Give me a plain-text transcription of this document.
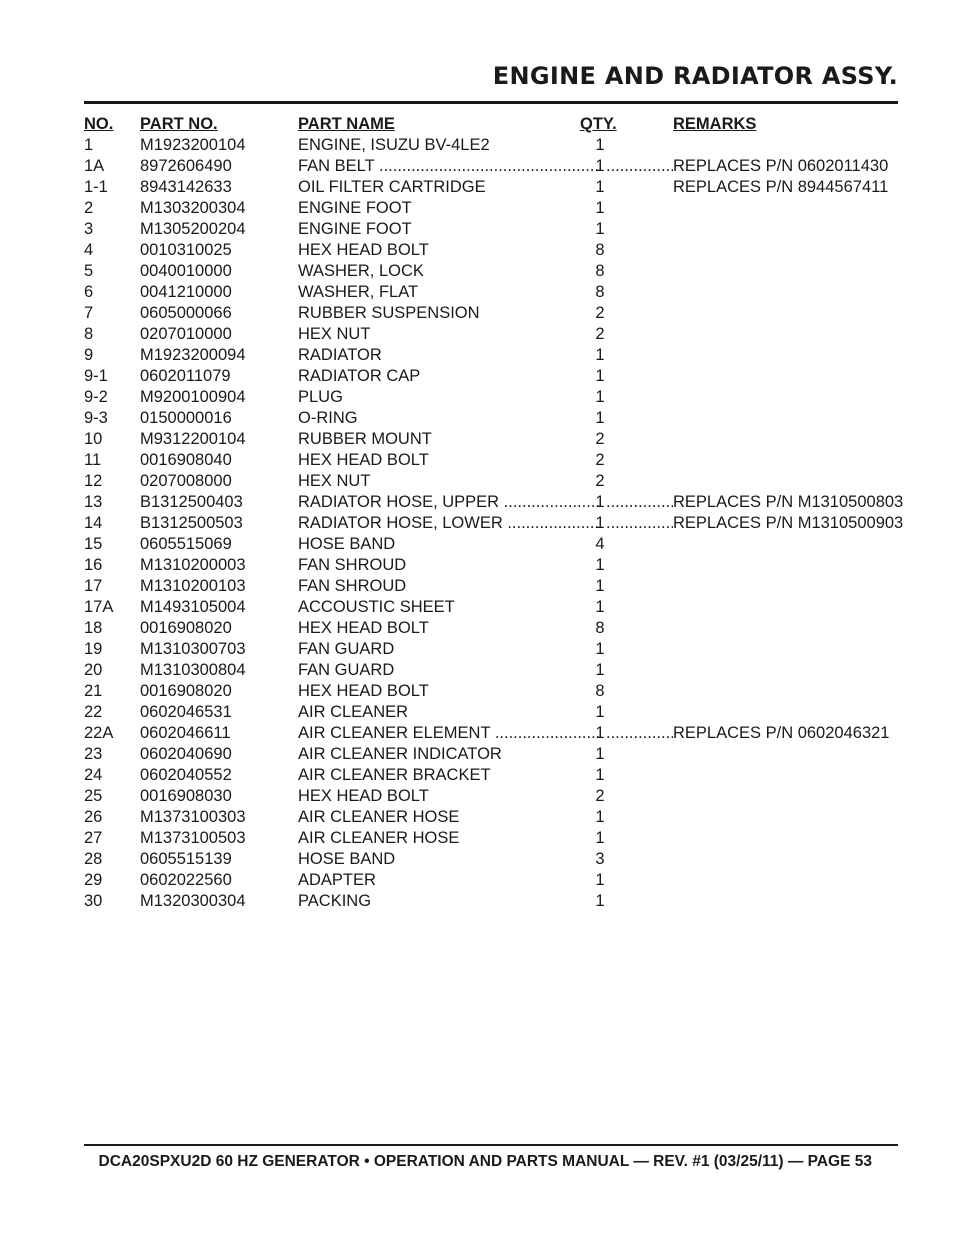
ENGINE AND RADIATOR ASSY.
NO. PART NO.	PART NAME	QTY.	REMARKS
1	M1923200104	ENGINE, ISUZU BV-4LE2	1
1A 8972606490	FAN BELT .....	1 .....	REPLACES P/N 0602011430
1-1 8943142633	OIL FILTER CARTRIDGE	1	REPLACES P/N 8944567411
2	M1303200304	ENGINE FOOT	1
3	M1305200204	ENGINE FOOT	1
4	0010310025	HEX HEAD BOLT	8
5	0040010000	WASHER, LOCK	8
6	0041210000	WASHER, FLAT	8
7	0605000066	RUBBER SUSPENSION	2
8	0207010000	HEX NUT	2
9	M1923200094	RADIATOR	1
9-1 0602011079	RADIATOR CAP	1
9-2 M9200100904	PLUG	1
9-3 0150000016	O-RING	1
10 M9312200104	RUBBER MOUNT	2
11 0016908040	HEX HEAD BOLT	2
12 0207008000	HEX NUT	2
13 B1312500403	RADIATOR HOSE, UPPER .....	1 .....	REPLACES P/N M1310500803
14 B1312500503	RADIATOR HOSE, LOWER .....	1 .....	REPLACES P/N M1310500903
15 0605515069	HOSE BAND	4
16 M1310200003	FAN SHROUD	1
17 M1310200103	FAN SHROUD	1
17A M1493105004	ACCOUSTIC SHEET	1
18 0016908020	HEX HEAD BOLT	8
19 M1310300703	FAN GUARD	1
20 M1310300804	FAN GUARD	1
21 0016908020	HEX HEAD BOLT	8
22 0602046531	AIR CLEANER	1
22A 0602046611	AIR CLEANER ELEMENT .....	1 .....	REPLACES P/N 0602046321
23 0602040690	AIR CLEANER INDICATOR	1
24 0602040552	AIR CLEANER BRACKET	1
25 0016908030	HEX HEAD BOLT	2
26 M1373100303	AIR CLEANER HOSE	1
27 M1373100503	AIR CLEANER HOSE	1
28 0605515139	HOSE BAND	3
29 0602022560	ADAPTER	1
30 M1320300304	PACKING	1
DCA20SPXU2D 60 HZ GENERATOR • OPERATION AND PARTS MANUAL — REV. #1 (03/25/11) — PAGE 53
